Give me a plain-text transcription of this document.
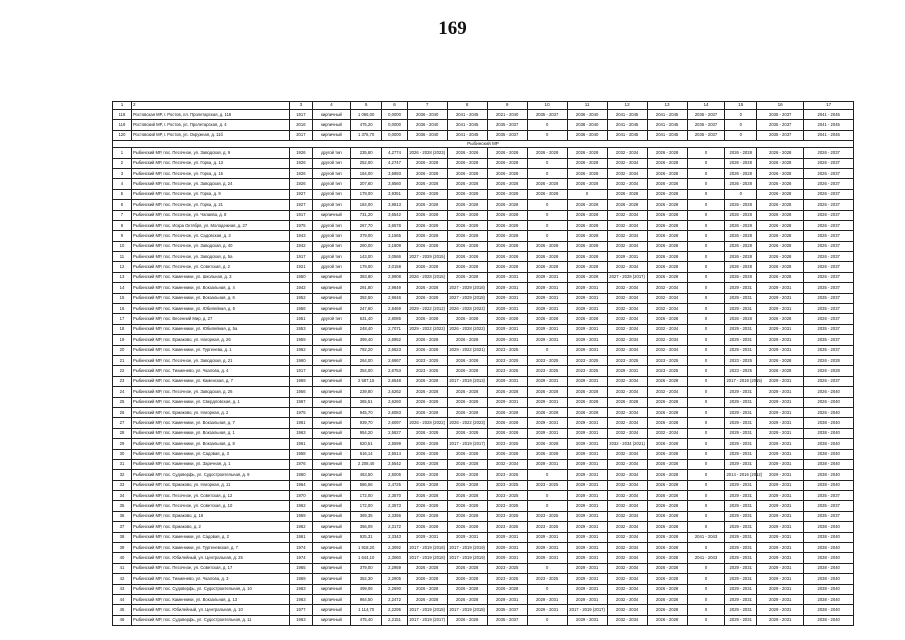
169
1	2	3	4	5	6	7	8	9	10	11	12	13	14	15	16	17
118	Ростовская МР, г. Ростов, пл. Пролетарская, д. 118	1917	кирпичный	1 065,00	0,0000	2036 - 2040	2041 - 2045	2021 - 2040	2035 - 2037	2036 - 2040	2041 - 2045	2041 - 2045	2035 - 2037	0	2035 - 2037	2041 - 2045
119	Ростовский МР, г. Ростов, ул. Пролетарская, д. 4	2016	кирпичный	475,20	0,0000	2036 - 2040	2041 - 2045	2035 - 2037	0	2038 - 2040	2041 - 2045	2041 - 2045	2035 - 2037	0	2035 - 2037	2041 - 2045
120	Ростовский МР, г. Ростов, ул. Окружная, д. 11б	2017	кирпичный	1 376,70	0,0000	2036 - 2040	2041 - 2045	2035 - 2037	0	2036 - 2040	2041 - 2045	2041 - 2045	2035 - 2037	0	2035 - 2037	2041 - 2045
Рыбинский МР																
1	Рыбинский МР, пос. Песочное, ул. Заводская, д. 9	1926	другой тип	235,80	4,2774	2026 - 2028 (2023)	2026 - 2026	2026 - 2028	2026 - 2028	2026 - 2028	2032 - 2034	2026 - 2028	0	2026 - 2028	2026 - 2028	2026 - 2037
2	Рыбинский МР, пос. Песочное, ул. Горка, д. 13	1926	другой тип	252,00	4,2747	2026 - 2028	2026 - 2028	2026 - 2028	0	2026 - 2028	2032 - 2034	2026 - 2028	0	2026 - 2028	2026 - 2028	2026 - 2037
3	Рыбинский МР, пос. Песочное, ул. Горка, д. 15	1926	другой тип	164,00	3,5893	2026 - 2028	2026 - 2028	2026 - 2028	0	2026 - 2028	2032 - 2034	2026 - 2028	0	2026 - 2028	2026 - 2028	2026 - 2037
4	Рыбинский МР, пос. Песочное, ул. Заводская, д. 24	1926	другой тип	207,60	3,8560	2026 - 2028	2026 - 2028	2026 - 2028	2026 - 2028	2026 - 2028	2032 - 2034	2026 - 2028	0	2026 - 2028	2026 - 2028	2026 - 2037
5	Рыбинский МР, пос. Песочное, ул. Горка, д. 9	1927	другой тип	179,00	3,9351	2026 - 2028	2026 - 2028	2026 - 2028	2026 - 2028	0	2026 - 2028	2026 - 2028	0	0	2026 - 2028	2026 - 2037
6	Рыбинский МР, пос. Песочное, ул. Горка, д. 21	1927	другой тип	184,00	3,9813	2026 - 2028	2026 - 2028	2026 - 2028	0	2026 - 2028	2026 - 2028	2026 - 2028	0	2026 - 2028	2026 - 2028	2026 - 2037
7	Рыбинский МР, пос. Песочное, ул. Чапаева, д. 8	1917	кирпичный	731,20	3,6542	2026 - 2028	2026 - 2028	2026 - 2028	0	2026 - 2028	2032 - 2034	2026 - 2028	0	2026 - 2028	2026 - 2028	2026 - 2037
8	Рыбинский МР, пос. Искра Октября, ул. Молодежная, д. 27	1975	другой тип	267,70	3,6578	2026 - 2028	2026 - 2028	2026 - 2028	0	2026 - 2028	2032 - 2034	2026 - 2028	0	2026 - 2028	2026 - 2028	2026 - 2037
9	Рыбинский МР, пос. Песочное, ул. Садовская, д. 3	1943	другой тип	379,00	3,1565	2026 - 2028	2026 - 2028	2026 - 2028	0	2026 - 2028	2032 - 2034	2026 - 2028	0	2026 - 2028	2026 - 2028	2026 - 2037
10	Рыбинский МР, пос. Песочное, ул. Заводская, д. 40	1942	другой тип	260,00	3,1809	2026 - 2028	2026 - 2028	2026 - 2028	2026 - 2028	2026 - 2028	2032 - 2034	2026 - 2028	0	2026 - 2028	2026 - 2028	2026 - 2037
11	Рыбинский МР, пос. Песочное, ул. Заводская, д. 5а	1917	другой тип	143,00	3,0566	2027 - 2029 (2015)	2026 - 2028	2026 - 2028	2026 - 2028	2026 - 2028	2029 - 2031	2026 - 2028	0	2026 - 2028	2026 - 2028	2026 - 2037
12	Рыбинский МР, пос. Песочное, ул. Советская, д. 2	1921	другой тип	179,00	3,0158	2026 - 2028	2026 - 2028	2026 - 2028	2026 - 2028	2026 - 2028	2032 - 2034	2026 - 2028	0	2026 - 2028	2026 - 2028	2026 - 2037
13	Рыбинский МР, пос. Каменники, ул. Школьная, д. 3	1950	кирпичный	383,80	2,9908	2026 - 2028 (2015)	2026 - 2028	2029 - 2031	2029 - 2031	2026 - 2028	2027 - 2029 (2017)	2026 - 2028	0	2026 - 2028	2026 - 2028	2026 - 2037
14	Рыбинский МР, пос. Каменники, ул. Вокзальная, д. 4	1942	кирпичный	291,80	2,9849	2026 - 2028	2027 - 2029 (2018)	2029 - 2031	2029 - 2031	2029 - 2031	2032 - 2034	2032 - 2034	0	2029 - 2031	2029 - 2031	2035 - 2037
15	Рыбинский МР, пос. Каменники, ул. Вокзальная, д. 6	1952	кирпичный	392,50	2,9646	2026 - 2028	2027 - 2029 (2018)	2029 - 2031	2029 - 2031	2029 - 2031	2032 - 2034	2032 - 2034	0	2029 - 2031	2029 - 2031	2035 - 2037
16	Рыбинский МР, пос. Каменники, ул. Юбилейная, д. 5	1956	кирпичный	247,60	2,8469	2029 - 2022 (2012)	2026 - 2028 (2022)	2029 - 2031	2029 - 2031	2029 - 2031	2032 - 2034	2032 - 2034	0	2029 - 2031	2029 - 2031	2035 - 2037
17	Рыбинский МР, пос. Весенний Мир, д. 27	1951	другой тип	631,40	2,8086	2026 - 2028	2026 - 2028	2026 - 2028	2026 - 2028	2026 - 2028	2032 - 2034	2026 - 2028	0	2026 - 2028	2026 - 2028	2026 - 2037
18	Рыбинский МР, пос. Каменники, ул. Юбилейная, д. 5а	1953	кирпичный	248,40	2,7071	2029 - 2022 (2022)	2026 - 2028 (2022)	2029 - 2031	2029 - 2031	2029 - 2031	2032 - 2034	2032 - 2034	0	2029 - 2031	2029 - 2031	2035 - 2037
19	Рыбинский МР, пос. Ермаково, ул. Нагорная, д. 26	1959	кирпичный	399,40	2,6952	2026 - 2028	2026 - 2028	2029 - 2031	2029 - 2031	2029 - 2031	2032 - 2034	2032 - 2034	0	2029 - 2031	2029 - 2031	2035 - 2037
20	Рыбинский МР, пос. Каменники, ул. Тургенева, д. 1	1962	кирпичный	792,20	2,6623	2026 - 2028	2029 - 2022 (2021)	2023 - 2025	0	2029 - 2031	2032 - 2034	2032 - 2034	0	2029 - 2031	2029 - 2031	2035 - 2037
21	Рыбинский МР, пос. Песочное, ул. Заводская, д. 21	1960	кирпичный	264,00	2,6667	2023 - 2025	2026 - 2028	2023 - 2025	2023 - 2025	2023 - 2025	2023 - 2025	2023 - 2025	0	2023 - 2025	2026 - 2028	2026 - 2028
22	Рыбинский МР, пос. Тихменево, ул. Чкалова, д. 4	1917	кирпичный	354,00	2,6753	2023 - 2025	2026 - 2028	2023 - 2025	2023 - 2025	2023 - 2025	2029 - 2031	2023 - 2025	0	2023 - 2025	2026 - 2028	2026 - 2028
23	Рыбинский МР, пос. Каменники, ул. Каменская, д. 7	1969	кирпичный	2 587,15	2,6548	2026 - 2028	2017 - 2019 (2013)	2029 - 2031	2029 - 2031	2029 - 2031	2032 - 2034	2026 - 2028	0	2017 - 2019 (2015)	2029 - 2031	2026 - 2037
24	Рыбинский МР, пос. Песочное, ул. Заводская, д. 26	1956	кирпичный	239,80	2,6262	2026 - 2028	2026 - 2028	2026 - 2028	2026 - 2028	2026 - 2028	2032 - 2034	2032 - 2034	0	2029 - 2031	2029 - 2031	2026 - 2040
25	Рыбинский МР, пос. Каменники, ул. Свердловская, д. 1	1967	кирпичный	365,51	2,6260	2026 - 2028	2026 - 2028	2029 - 2031	2029 - 2031	2026 - 2028	2026 - 2028	2026 - 2028	0	2029 - 2031	2029 - 2031	2026 - 2040
26	Рыбинский МР, пос. Ермаково, ул. Нагорная, д. 2	1975	кирпичный	945,70	2,6083	2026 - 2028	2026 - 2028	2026 - 2028	2026 - 2028	2026 - 2028	2032 - 2034	2026 - 2028	0	2029 - 2031	2029 - 2031	2026 - 2040
27	Рыбинский МР, пос. Каменники, ул. Вокзальная, д. 7	1961	кирпичный	939,70	2,6097	2026 - 2028 (2022)	2026 - 2022 (2023)	2026 - 2028	2029 - 2031	2029 - 2031	2032 - 2034	2026 - 2028	0	2029 - 2031	2029 - 2031	2038 - 2040
28	Рыбинский МР, пос. Каменники, ул. Вокзальная, д. 1	1963	кирпичный	954,20	2,5627	2026 - 2028	2026 - 2028	2026 - 2028	2029 - 2031	2029 - 2031	2032 - 2034	2032 - 2034	0	2029 - 2031	2029 - 2031	2038 - 2040
29	Рыбинский МР, пос. Каменники, ул. Вокзальная, д. 8	1961	кирпичный	620,51	2,5599	2026 - 2028	2017 - 2019 (2017)	2023 - 2025	2026 - 2028	2029 - 2031	2032 - 2034 (2021)	2026 - 2028	0	2029 - 2031	2029 - 2031	2038 - 2040
30	Рыбинский МР, пос. Каменники, ул. Садовая, д. 3	1958	кирпичный	616,14	2,5514	2026 - 2028	2026 - 2028	2026 - 2028	2026 - 2028	2029 - 2031	2032 - 2034	2026 - 2028	0	2029 - 2031	2029 - 2031	2038 - 2040
31	Рыбинский МР, пос. Каменники, ул. Заречная, д. 1	1976	кирпичный	2 208,40	2,5542	2026 - 2028	2026 - 2028	2032 - 2034	2029 - 2031	2029 - 2031	2032 - 2034	2026 - 2028	0	2029 - 2031	2029 - 2031	2038 - 2040
32	Рыбинский МР, пос. Судоверфь, ул. Судостроительная, д. 9	1960	кирпичный	463,50	2,5006	2026 - 2028	2026 - 2028	2023 - 2025	0	2029 - 2031	2032 - 2034	2026 - 2028	0	2014 - 2016 (2012)	2029 - 2031	2038 - 2040
33	Рыбинский МР, пос. Ермаково, ул. Нагорная, д. 11	1964	кирпичный	586,56	2,4725	2026 - 2028	2026 - 2028	2023 - 2025	2023 - 2025	2029 - 2031	2032 - 2034	2026 - 2028	0	2029 - 2031	2029 - 2031	2038 - 2040
34	Рыбинский МР, пос. Песочное, ул. Советская, д. 12	1970	кирпичный	172,00	2,3570	2026 - 2028	2026 - 2028	2023 - 2025	0	2029 - 2031	2032 - 2034	2026 - 2028	0	2029 - 2031	2029 - 2031	2035 - 2037
35	Рыбинский МР, пос. Песочное, ул. Советская, д. 10	1962	кирпичный	172,00	2,3573	2026 - 2028	2026 - 2028	2023 - 2025	0	2029 - 2031	2032 - 2034	2026 - 2028	0	2029 - 2031	2029 - 2031	2035 - 2037
36	Рыбинский МР, пос. Ермаково, д. 18	1969	кирпичный	369,35	2,3356	2026 - 2028	2026 - 2028	2023 - 2025	2023 - 2025	2029 - 2031	2032 - 2034	2026 - 2028	0	2029 - 2031	2029 - 2031	2035 - 2037
37	Рыбинский МР, пос. Ермаково, д. 2	1962	кирпичный	356,09	2,3172	2026 - 2028	2026 - 2028	2023 - 2025	2023 - 2025	2029 - 2031	2032 - 2034	2026 - 2028	0	2029 - 2031	2029 - 2031	2038 - 2040
38	Рыбинский МР, пос. Каменники, ул. Садовая, д. 2	1961	кирпичный	925,31	2,3343	2029 - 2031	2029 - 2031	2029 - 2031	2029 - 2031	2029 - 2031	2032 - 2034	2026 - 2028	2041 - 2043	2029 - 2031	2029 - 2031	2038 - 2040
39	Рыбинский МР, пос. Каменники, ул. Тургеневская, д. 7	1974	кирпичный	1 918,20	2,3092	2017 - 2019 (2018)	2017 - 2019 (2019)	2029 - 2031	2029 - 2031	2029 - 2031	2032 - 2034	2026 - 2028	0	2029 - 2031	2029 - 2031	2038 - 2040
40	Рыбинский МР, пос. Юбилейный, ул. Центральная, д. 25	1974	кирпичный	1 644,10	2,3060	2017 - 2019 (2018)	2017 - 2019 (2019)	2029 - 2031	2029 - 2031	2029 - 2031	2032 - 2034	2026 - 2028	2041 - 2043	2029 - 2031	2029 - 2031	2038 - 2040
41	Рыбинский МР, пос. Песочное, ул. Советская, д. 17	1965	кирпичный	379,00	2,2959	2026 - 2028	2026 - 2028	2023 - 2025	0	2029 - 2031	2032 - 2034	2026 - 2028	0	2029 - 2031	2029 - 2031	2038 - 2040
42	Рыбинский МР, пос. Тихменево, ул. Чкалова, д. 3	1969	кирпичный	352,30	2,2905	2026 - 2028	2026 - 2028	2023 - 2025	2023 - 2025	2029 - 2031	2032 - 2034	2026 - 2028	0	2029 - 2031	2029 - 2031	2038 - 2040
43	Рыбинский МР, пос. Судоверфь, ул. Судостроительная, д. 10	1963	кирпичный	499,06	2,2690	2026 - 2028	2026 - 2028	2026 - 2028	0	2029 - 2031	2032 - 2034	2026 - 2028	0	2029 - 2031	2029 - 2031	2038 - 2040
44	Рыбинский МР, пос. Каменники, ул. Вокзальная, д. 13	1963	кирпичный	964,50	2,2472	2026 - 2028	2026 - 2028	2029 - 2031	2029 - 2031	2029 - 2031	2032 - 2034	2026 - 2028	0	2029 - 2031	2029 - 2031	2038 - 2040
45	Рыбинский МР, пос. Юбилейный, ул. Центральная, д. 10	1977	кирпичный	1 114,70	2,2295	2017 - 2019 (2018)	2017 - 2019 (2018)	2035 - 2037	2029 - 2031	2017 - 2019 (2017)	2032 - 2034	2026 - 2028	0	2029 - 2031	2029 - 2031	2038 - 2040
46	Рыбинский МР, пос. Судоверфь, ул. Судостроительная, д. 11	1963	кирпичный	475,40	2,2151	2017 - 2019 (2017)	2026 - 2028	2035 - 2037	0	2029 - 2031	2032 - 2034	2026 - 2028	0	2029 - 2031	2029 - 2031	2038 - 2040
